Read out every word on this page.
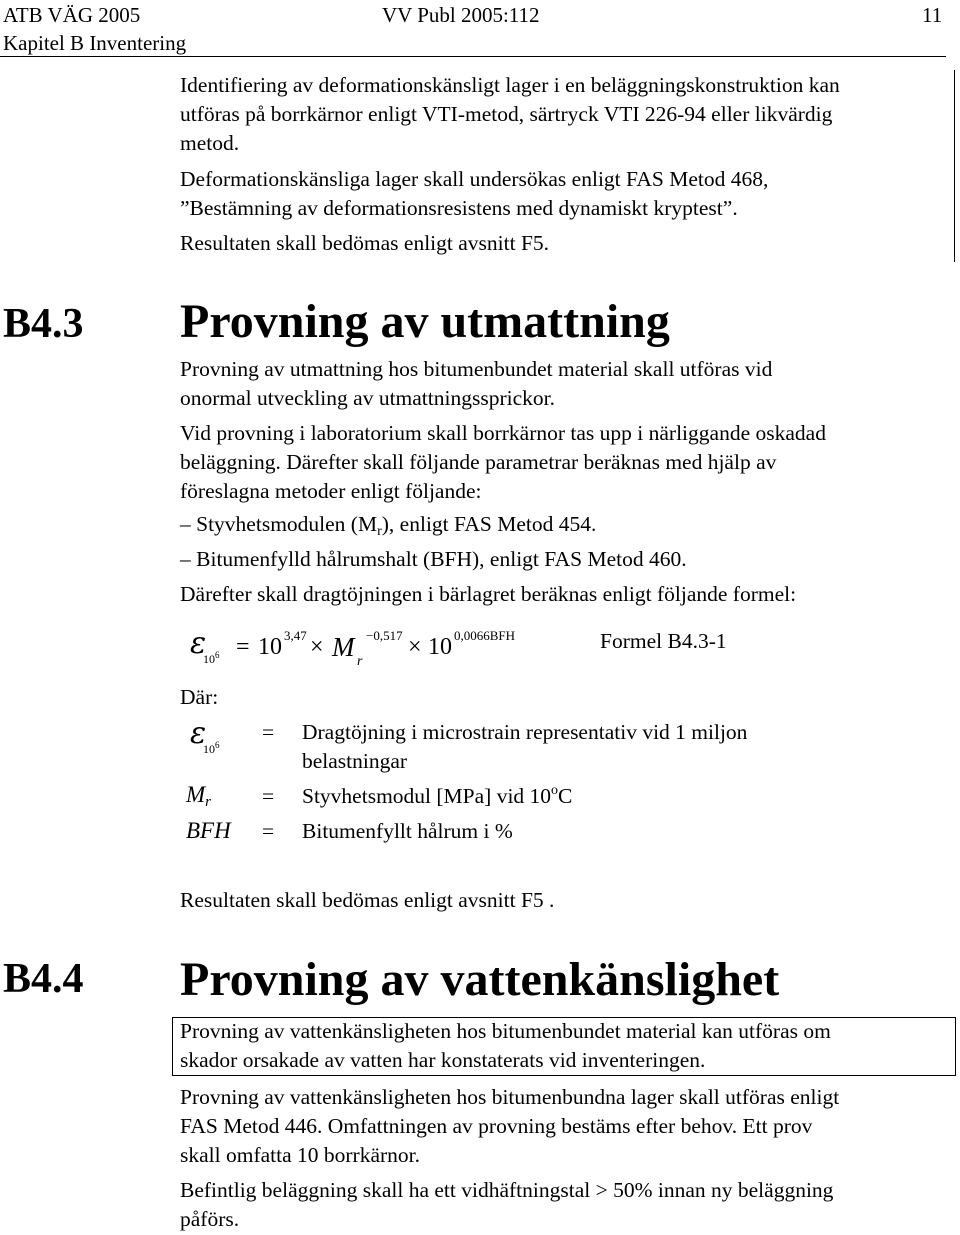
ATB VÄG 2005
Kapitel B Inventering
VV Publ 2005:112	11
Identifiering av deformationskänsligt lager i en beläggningskonstruktion kan
utföras på borrkärnor enligt VTI-metod, särtryck VTI 226-94 eller likvärdig
metod.
Deformationskänsliga lager skall undersökas enligt FAS Metod 468,
”Bestämning av deformationsresistens med dynamiskt kryptest”.
Resultaten skall bedömas enligt avsnitt F5.
B4.3 Provning av utmattning
Provning av utmattning hos bitumenbundet material skall utföras vid
onormal utveckling av utmattningssprickor.
Vid provning i laboratorium skall borrkärnor tas upp i närliggande oskadad
beläggning. Därefter skall följande parametrar beräknas med hjälp av
föreslagna metoder enligt följande:
– Styvhetsmodulen (Mr), enligt FAS Metod 454.
– Bitumenfylld hålrumshalt (BFH), enligt FAS Metod 460.
Därefter skall dragtöjningen i bärlagret beräknas enligt följande formel:
ε
$10^6 = 10$ 3,47 × M r
−0,517 × 10 0,0066BFH	Formel B4.3-1
Där:
ε
$10^6$
= Dragtöjning i microstrain representativ vid 1 miljon
belastningar
Mr = Styvhetsmodul [MPa] vid 10$^o$C
BFH = Bitumenfyllt hålrum i %
Resultaten skall bedömas enligt avsnitt F5 .
B4.4 Provning av vattenkänslighet
Provning av vattenkänsligheten hos bitumenbundet material kan utföras om
skador orsakade av vatten har konstaterats vid inventeringen.
Provning av vattenkänsligheten hos bitumenbundna lager skall utföras enligt
FAS Metod 446. Omfattningen av provning bestäms efter behov. Ett prov
skall omfatta 10 borrkärnor.
Befintlig beläggning skall ha ett vidhäftningstal > 50% innan ny beläggning
påförs.
